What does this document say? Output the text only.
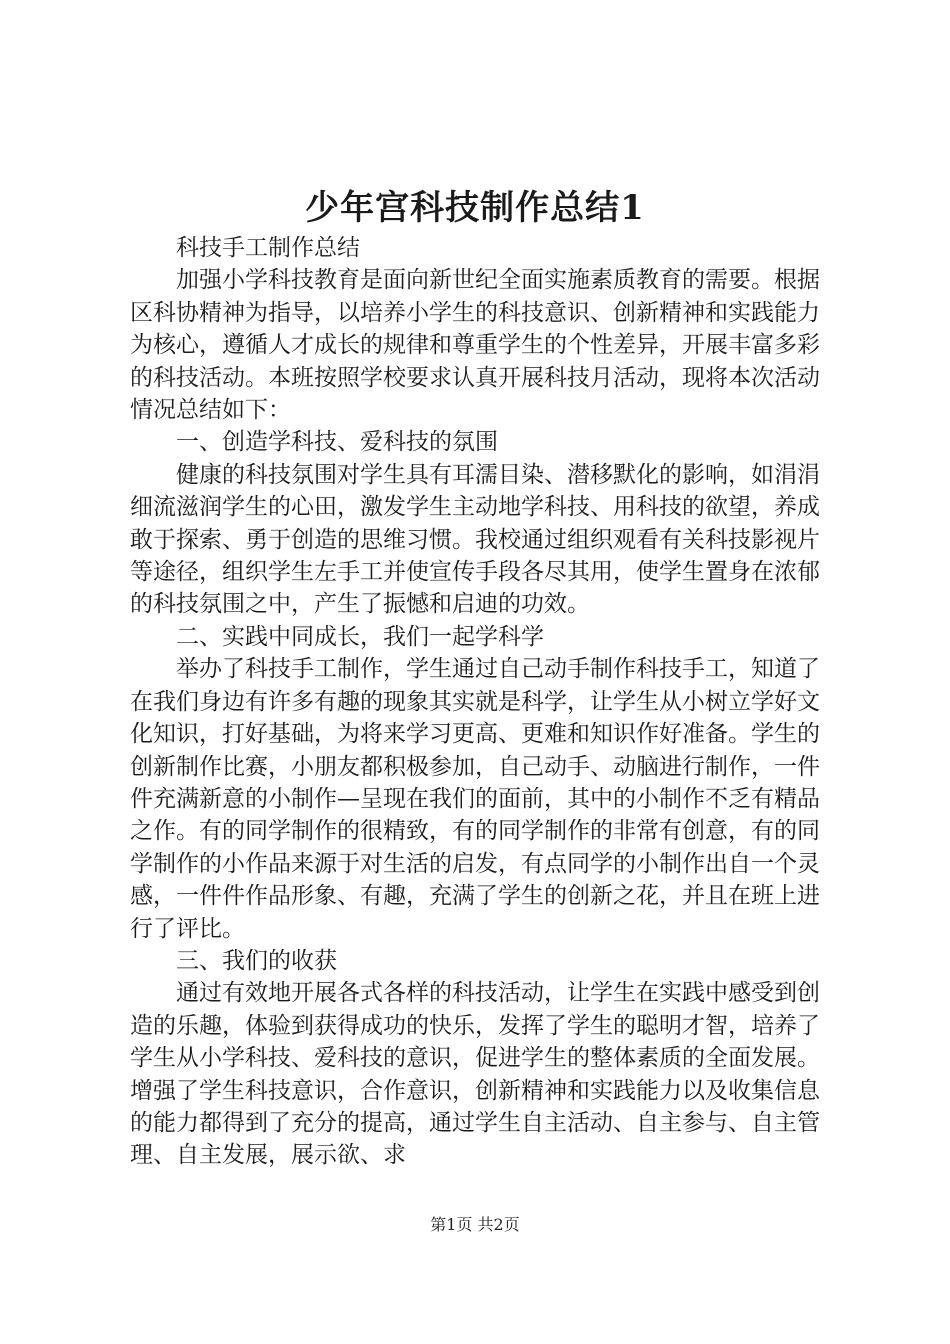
少年宫科技制作总结1

科技手工制作总结

加强小学科技教育是面向新世纪全面实施素质教育的需要。根据区科协精神为指导，以培养小学生的科技意识、创新精神和实践能力为核心，遵循人才成长的规律和尊重学生的个性差异，开展丰富多彩的科技活动。本班按照学校要求认真开展科技月活动，现将本次活动情况总结如下：

一、创造学科技、爱科技的氛围

健康的科技氛围对学生具有耳濡目染、潜移默化的影响，如涓涓细流滋润学生的心田，激发学生主动地学科技、用科技的欲望，养成敢于探索、勇于创造的思维习惯。我校通过组织观看有关科技影视片等途径，组织学生左手工并使宣传手段各尽其用，使学生置身在浓郁的科技氛围之中，产生了振憾和启迪的功效。

二、实践中同成长，我们一起学科学

举办了科技手工制作，学生通过自己动手制作科技手工，知道了在我们身边有许多有趣的现象其实就是科学，让学生从小树立学好文化知识，打好基础，为将来学习更高、更难和知识作好准备。学生的创新制作比赛，小朋友都积极参加，自己动手、动脑进行制作，一件件充满新意的小制作—呈现在我们的面前，其中的小制作不乏有精品之作。有的同学制作的很精致，有的同学制作的非常有创意，有的同学制作的小作品来源于对生活的启发，有点同学的小制作出自一个灵感，一件件作品形象、有趣，充满了学生的创新之花，并且在班上进行了评比。

三、我们的收获

通过有效地开展各式各样的科技活动，让学生在实践中感受到创造的乐趣，体验到获得成功的快乐，发挥了学生的聪明才智，培养了学生从小学科技、爱科技的意识，促进学生的整体素质的全面发展。增强了学生科技意识，合作意识，创新精神和实践能力以及收集信息的能力都得到了充分的提高，通过学生自主活动、自主参与、自主管理、自主发展，展示欲、求

第1页 共2页
